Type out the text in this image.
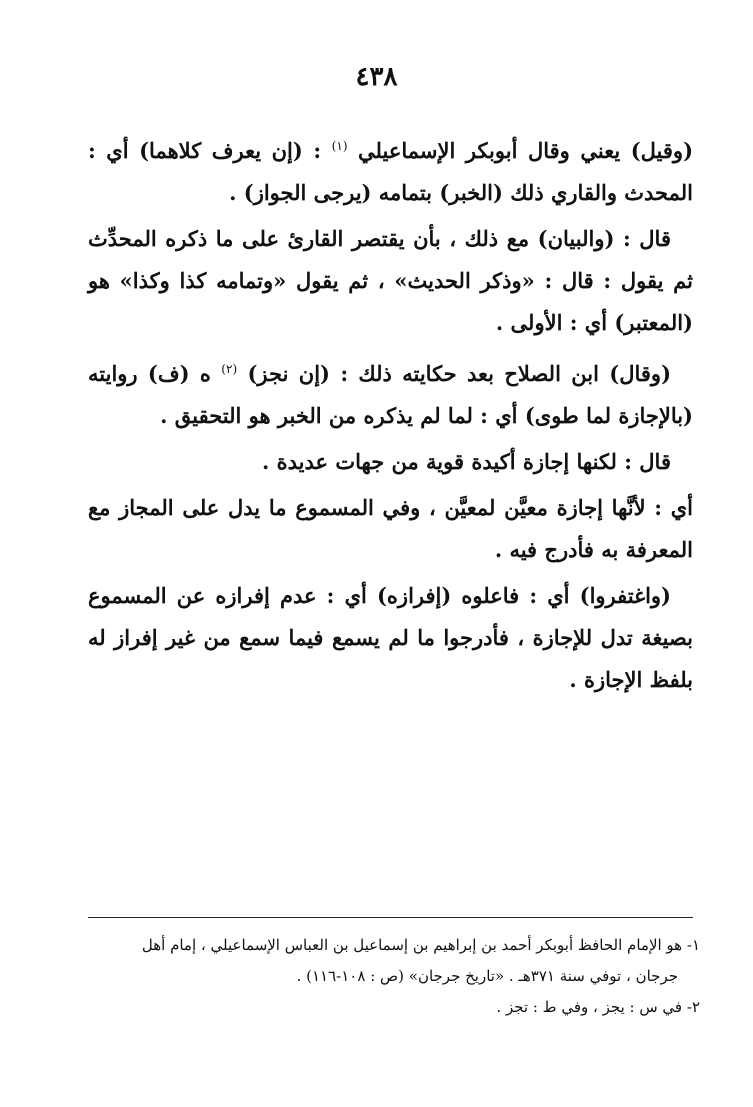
٤٣٨

(وقيل) يعني وقال أبوبكر الإسماعيلي $^{(١)}$ : (إن يعرف كلاهما) أي : المحدث والقاري ذلك (الخبر) بتمامه (يرجى الجواز) .

قال : (والبيان) مع ذلك ، بأن يقتصر القارئ على ما ذكره المحدِّث ثم يقول : قال : «وذكر الحديث» ، ثم يقول «وتمامه كذا وكذا» هو (المعتبر) أي : الأولى .

(وقال) ابن الصلاح بعد حكايته ذلك : (إن نجز) $^{(٢)}$ ه (ف) روايته (بالإجازة لما طوى) أي : لما لم يذكره من الخبر هو التحقيق .

قال : لكنها إجازة أكيدة قوية من جهات عديدة .

أي : لأنَّها إجازة معيَّن لمعيَّن ، وفي المسموع ما يدل على المجاز مع المعرفة به فأدرج فيه .

(واغتفروا) أي : فاعلوه (إفرازه) أي : عدم إفرازه عن المسموع بصيغة تدل للإجازة ، فأدرجوا ما لم يسمع فيما سمع من غير إفراز له بلفظ الإجازة .

١- هو الإمام الحافظ أبوبكر أحمد بن إبراهيم بن إسماعيل بن العباس الإسماعيلي ، إمام أهل

جرجان ، توفي سنة ٣٧١هـ . «تاريخ جرجان» (ص : ١٠٨-١١٦) .

٢- في س : يجز ، وفي ط : تجز .
